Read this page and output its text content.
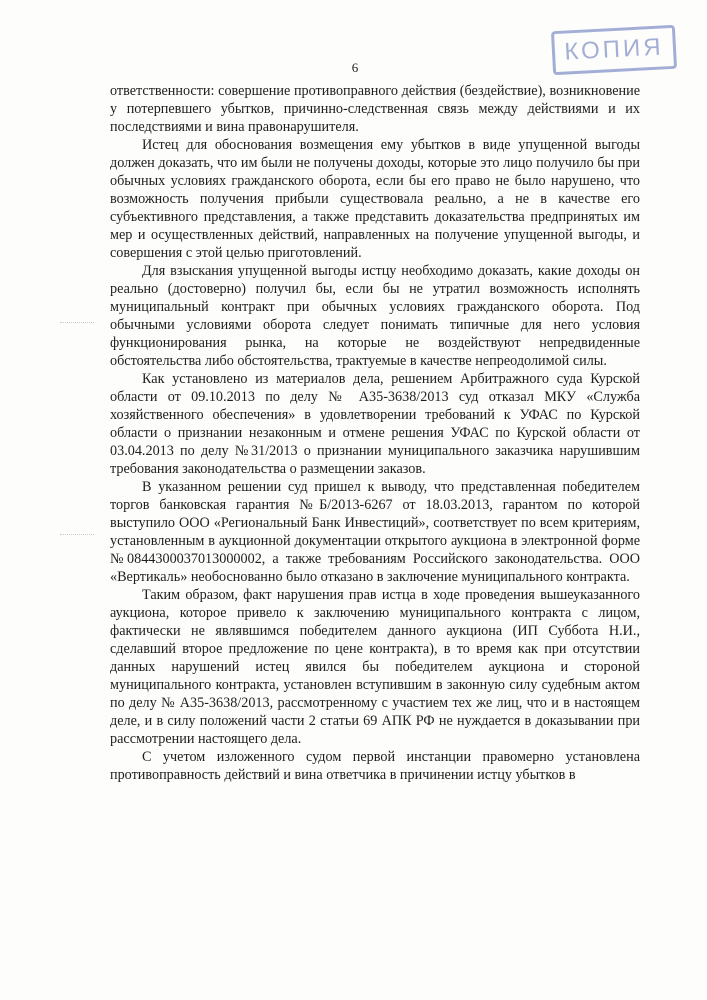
КОПИЯ
6

ответственности: совершение противоправного действия (бездействие), возникновение у потерпевшего убытков, причинно-следственная связь между действиями и их последствиями и вина правонарушителя.

Истец для обоснования возмещения ему убытков в виде упущенной выгоды должен доказать, что им были не получены доходы, которые это лицо получило бы при обычных условиях гражданского оборота, если бы его право не было нарушено, что возможность получения прибыли существовала реально, а не в качестве его субъективного представления, а также представить доказательства предпринятых им мер и осуществленных действий, направленных на получение упущенной выгоды, и совершения с этой целью приготовлений.

Для взыскания упущенной выгоды истцу необходимо доказать, какие доходы он реально (достоверно) получил бы, если бы не утратил возможность исполнять муниципальный контракт при обычных условиях гражданского оборота. Под обычными условиями оборота следует понимать типичные для него условия функционирования рынка, на которые не воздействуют непредвиденные обстоятельства либо обстоятельства, трактуемые в качестве непреодолимой силы.

Как установлено из материалов дела, решением Арбитражного суда Курской области от 09.10.2013 по делу № А35-3638/2013 суд отказал МКУ «Служба хозяйственного обеспечения» в удовлетворении требований к УФАС по Курской области о признании незаконным и отмене решения УФАС по Курской области от 03.04.2013 по делу №31/2013 о признании муниципального заказчика нарушившим требования законодательства о размещении заказов.

В указанном решении суд пришел к выводу, что представленная победителем торгов банковская гарантия №Б/2013-6267 от 18.03.2013, гарантом по которой выступило ООО «Региональный Банк Инвестиций», соответствует по всем критериям, установленным в аукционной документации открытого аукциона в электронной форме №0844300037013000002, а также требованиям Российского законодательства. ООО «Вертикаль» необоснованно было отказано в заключение муниципального контракта.

Таким образом, факт нарушения прав истца в ходе проведения вышеуказанного аукциона, которое привело к заключению муниципального контракта с лицом, фактически не являвшимся победителем данного аукциона (ИП Суббота Н.И., сделавший второе предложение по цене контракта), в то время как при отсутствии данных нарушений истец явился бы победителем аукциона и стороной муниципального контракта, установлен вступившим в законную силу судебным актом по делу № А35-3638/2013, рассмотренному с участием тех же лиц, что и в настоящем деле, и в силу положений части 2 статьи 69 АПК РФ не нуждается в доказывании при рассмотрении настоящего дела.

С учетом изложенного судом первой инстанции правомерно установлена противоправность действий и вина ответчика в причинении истцу убытков в
